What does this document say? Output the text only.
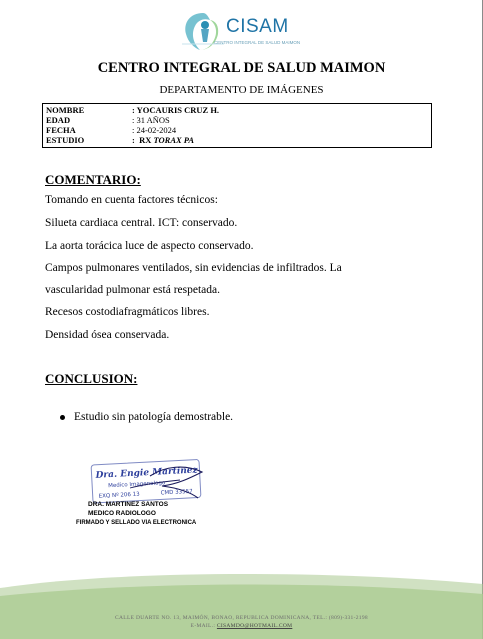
CISAM
CENTRO INTEGRAL DE SALUD MAIMON
CENTRO INTEGRAL DE SALUD MAIMON
DEPARTAMENTO DE IMÁGENES
NOMBRE	: YOCAURIS CRUZ H.
EDAD	: 31 AÑOS
FECHA	: 24-02-2024
ESTUDIO	:  RX TORAX PA
COMENTARIO:
Tomando en cuenta factores técnicos:
Silueta cardiaca central. ICT: conservado.
La aorta torácica luce de aspecto conservado.
Campos pulmonares ventilados, sin evidencias de infiltrados. La
vascularidad pulmonar está respetada.
Recesos costodiafragmáticos libres.
Densidad ósea conservada.
CONCLUSION:
Estudio sin patología demostrable.
Dra. Engie Martinez
Medico Imagenologo
EXQ Nº 206 13	CMD 33557
DRA. MARTINEZ SANTOS
MEDICO RADIOLOGO
FIRMADO Y SELLADO VIA ELECTRONICA
CALLE DUARTE NO. 13, MAIMÓN, BONAO, REPUBLICA DOMINICANA, TEL.: (809)-331-2198
E-MAIL.: CISAMDO@HOTMAIL.COM
